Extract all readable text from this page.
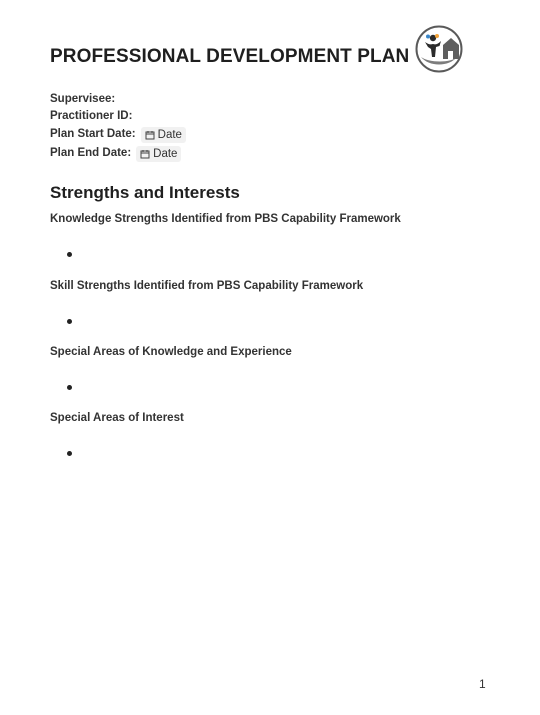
PROFESSIONAL DEVELOPMENT PLAN
Supervisee:
Practitioner ID:
Plan Start Date: Date
Plan End Date: Date
Strengths and Interests
Knowledge Strengths Identified from PBS Capability Framework
Skill Strengths Identified from PBS Capability Framework
Special Areas of Knowledge and Experience
Special Areas of Interest
1
